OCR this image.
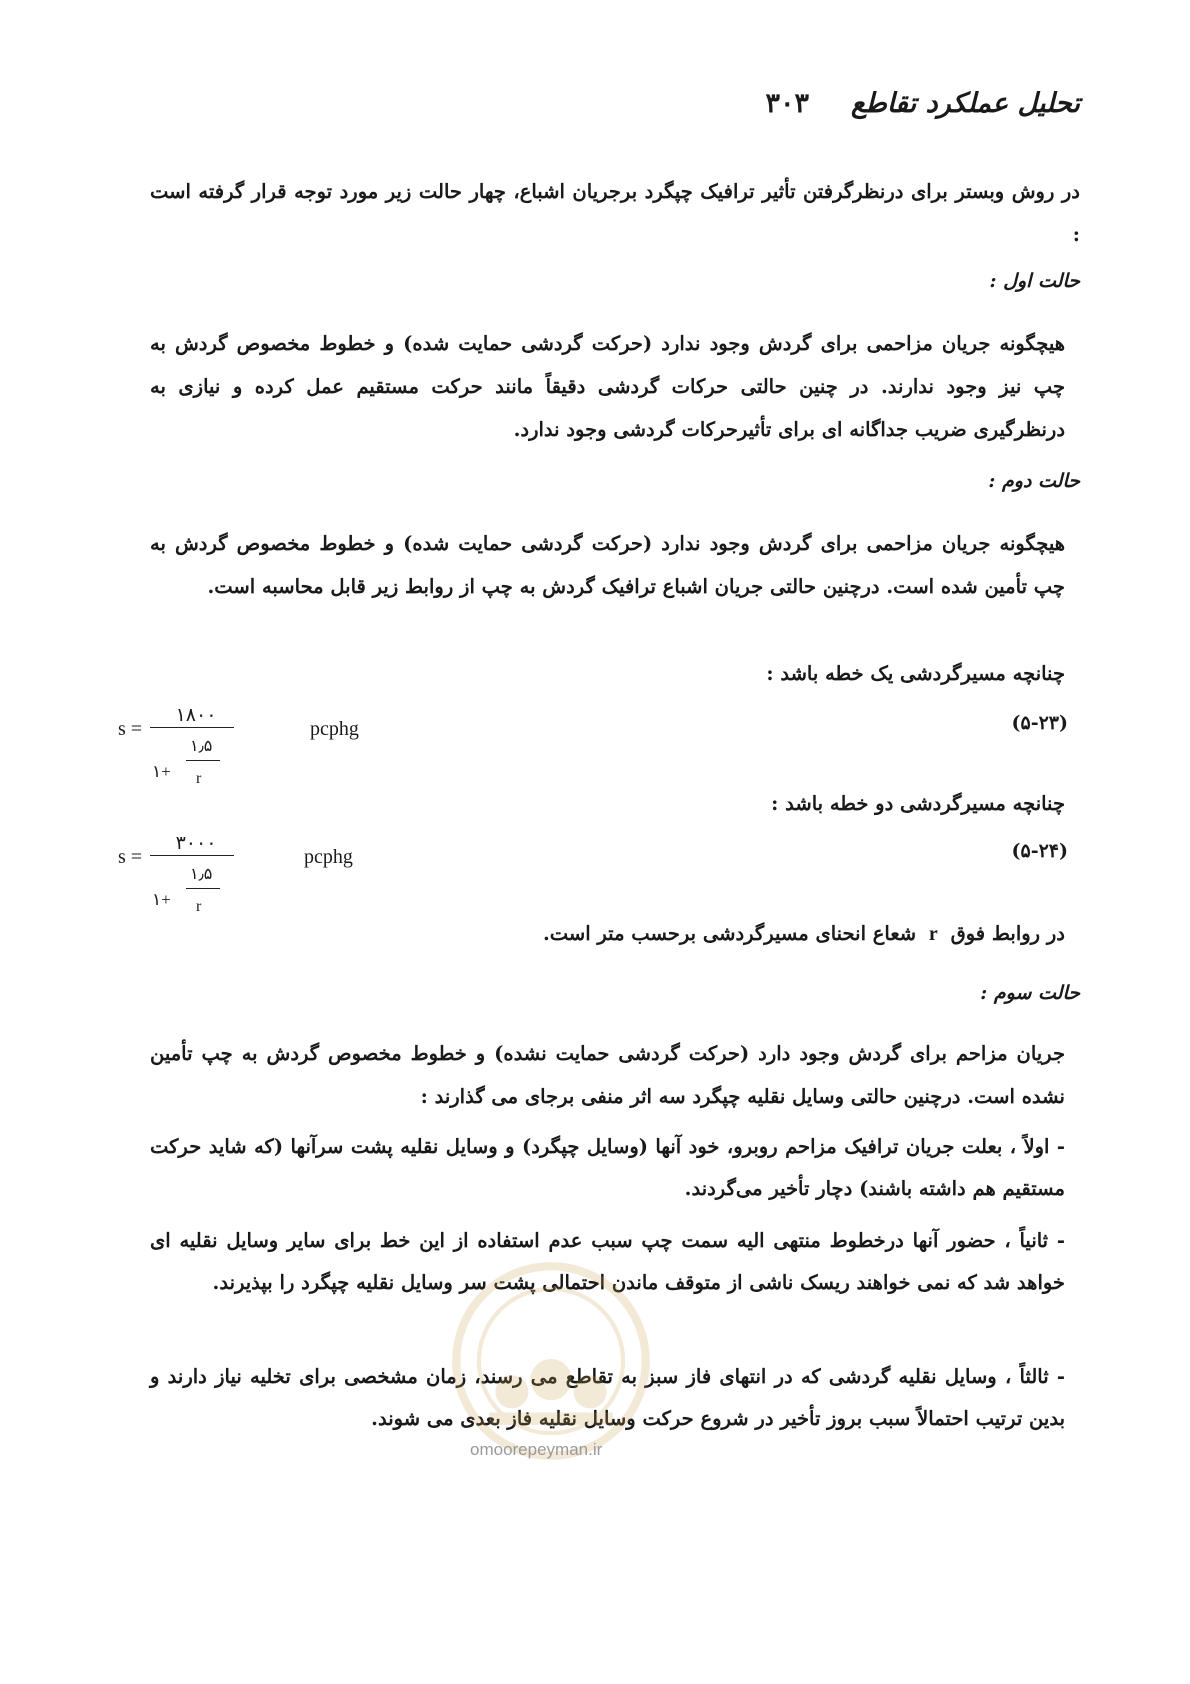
تحلیل عملکرد تقاطع
۳۰۳
در روش وبستر برای درنظرگرفتن تأثیر ترافیک چپگرد برجریان اشباع، چهار حالت زیر مورد توجه قرار گرفته است :
حالت اول :
هیچگونه جریان مزاحمی برای گردش وجود ندارد (حرکت گردشی حمایت شده) و خطوط مخصوص گردش به چپ نیز وجود ندارند. در چنین حالتی حرکات گردشی دقیقاً مانند حرکت مستقیم عمل کرده و نیازی به درنظرگیری ضریب جداگانه ای برای تأثیرحرکات گردشی وجود ندارد.
حالت دوم :
هیچگونه جریان مزاحمی برای گردش وجود ندارد (حرکت گردشی حمایت شده) و خطوط مخصوص گردش به چپ تأمین شده است. درچنین حالتی جریان اشباع ترافیک گردش به چپ از روابط زیر قابل محاسبه است.
چنانچه مسیرگردشی یک خطه باشد :
s =
۱۸۰۰
۱+
۱٫۵
r
pcphg	(۵-۲۳)
چنانچه مسیرگردشی دو خطه باشد :
s =
۳۰۰۰
۱+
۱٫۵
r
pcphg	(۵-۲۴)
در روابط فوق r شعاع انحنای مسیرگردشی برحسب متر است.
حالت سوم :
جریان مزاحم برای گردش وجود دارد (حرکت گردشی حمایت نشده) و خطوط مخصوص گردش به چپ تأمین نشده است. درچنین حالتی وسایل نقلیه چپگرد سه اثر منفی برجای می گذارند :
- اولاً ، بعلت جریان ترافیک مزاحم روبرو، خود آنها (وسایل چپگرد) و وسایل نقلیه پشت سرآنها (که شاید حرکت مستقیم هم داشته باشند) دچار تأخیر می‌گردند.
- ثانیاً ، حضور آنها درخطوط منتهی الیه سمت چپ سبب عدم استفاده از این خط برای سایر وسایل نقلیه ای خواهد شد که نمی خواهند ریسک ناشی از متوقف ماندن احتمالی پشت سر وسایل نقلیه چپگرد را بپذیرند.
- ثالثاً ، وسایل نقلیه گردشی که در انتهای فاز سبز به تقاطع می رسند، زمان مشخصی برای تخلیه نیاز دارند و بدین ترتیب احتمالاً سبب بروز تأخیر در شروع حرکت وسایل نقلیه فاز بعدی می شوند.
omoorepeyman.ir
